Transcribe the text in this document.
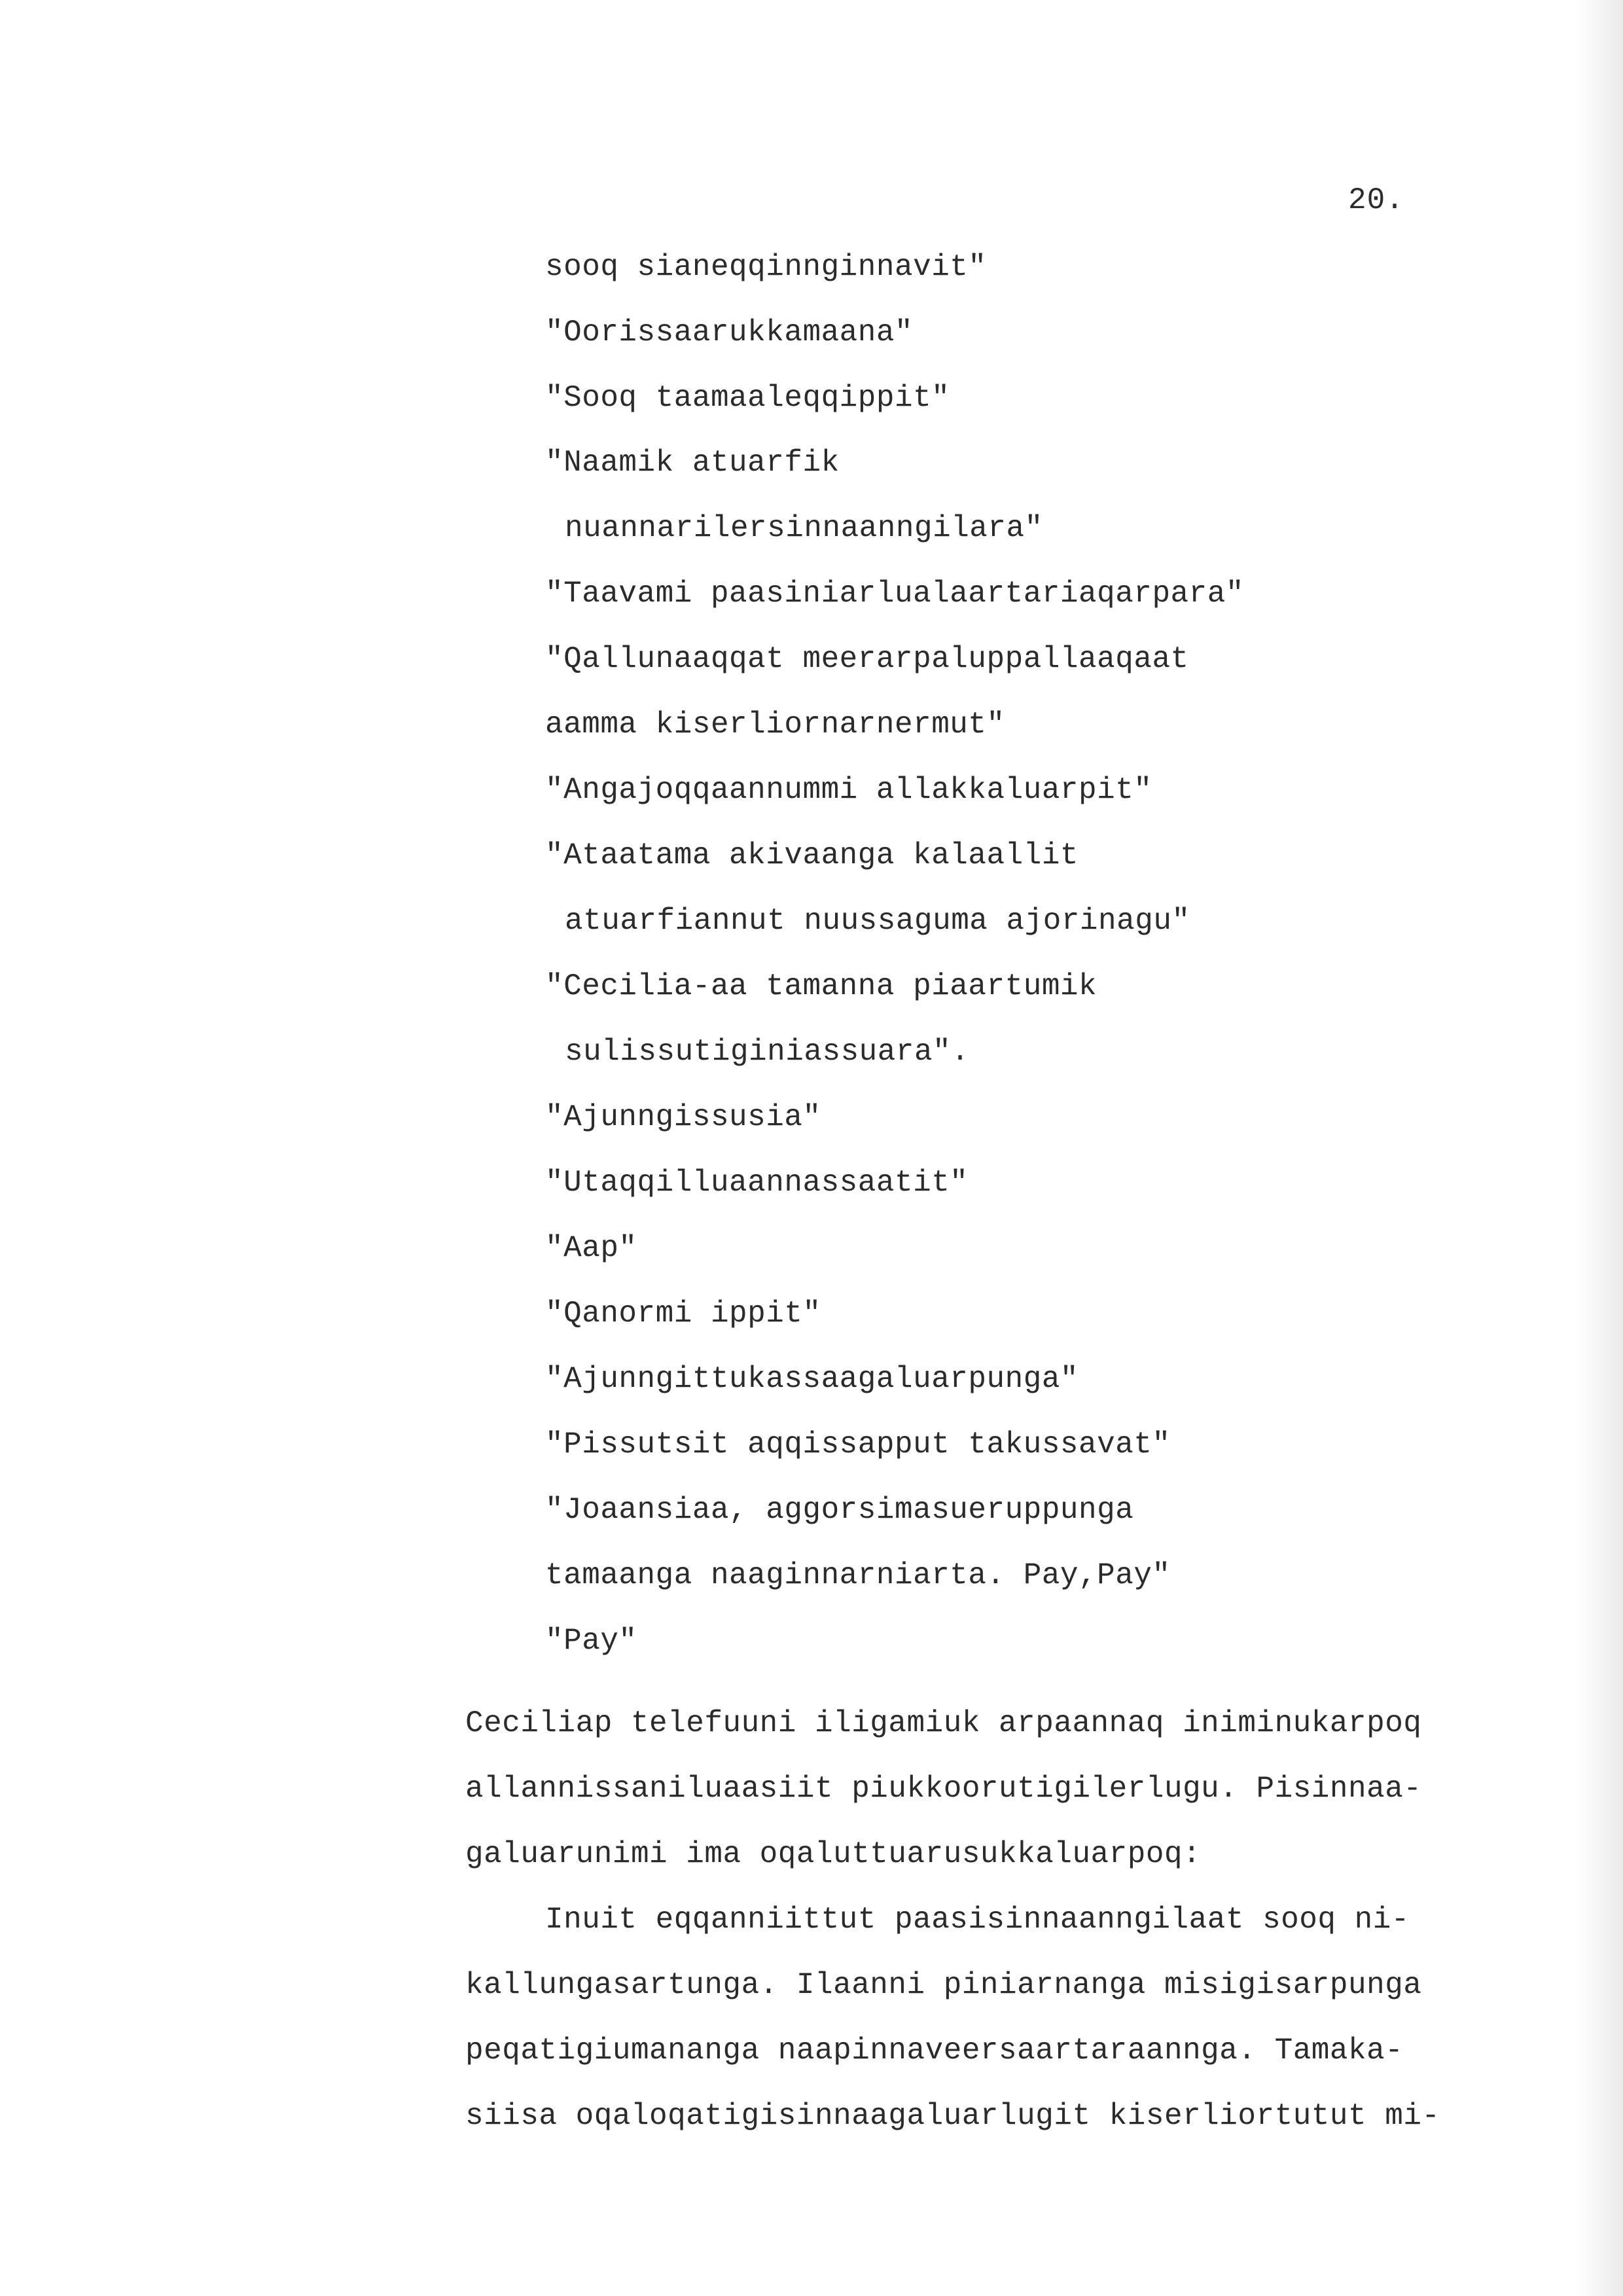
20.
sooq sianeqqinnginnavit"
"Oorissaarukkamaana"
"Sooq taamaaleqqippit"
"Naamik atuarfik
nuannarilersinnaanngilara"
"Taavami paasiniarlualaartariaqarpara"
"Qallunaaqqat meerarpaluppallaaqaat
aamma kiserliornarnermut"
"Angajoqqaannummi allakkaluarpit"
"Ataatama akivaanga kalaallit
atuarfiannut nuussaguma ajorinagu"
"Cecilia-aa tamanna piaartumik
sulissutiginiassuara".
"Ajunngissusia"
"Utaqqilluaannassaatit"
"Aap"
"Qanormi ippit"
"Ajunngittukassaagaluarpunga"
"Pissutsit aqqissapput takussavat"
"Joaansiaa, aggorsimasueruppunga
tamaanga naaginnarniarta. Pay,Pay"
"Pay"
Ceciliap telefuuni iligamiuk arpaannaq iniminukarpoq
allannissaniluaasiit piukkoorutigilerlugu. Pisinnaa-
galuarunimi ima oqaluttuarusukkaluarpoq:
Inuit eqqanniittut paasisinnaanngilaat sooq ni-
kallungasartunga. Ilaanni piniarnanga misigisarpunga
peqatigiumananga naapinnaveersaartaraannga. Tamaka-
siisa oqaloqatigisinnaagaluarlugit kiserliortutut mi-
